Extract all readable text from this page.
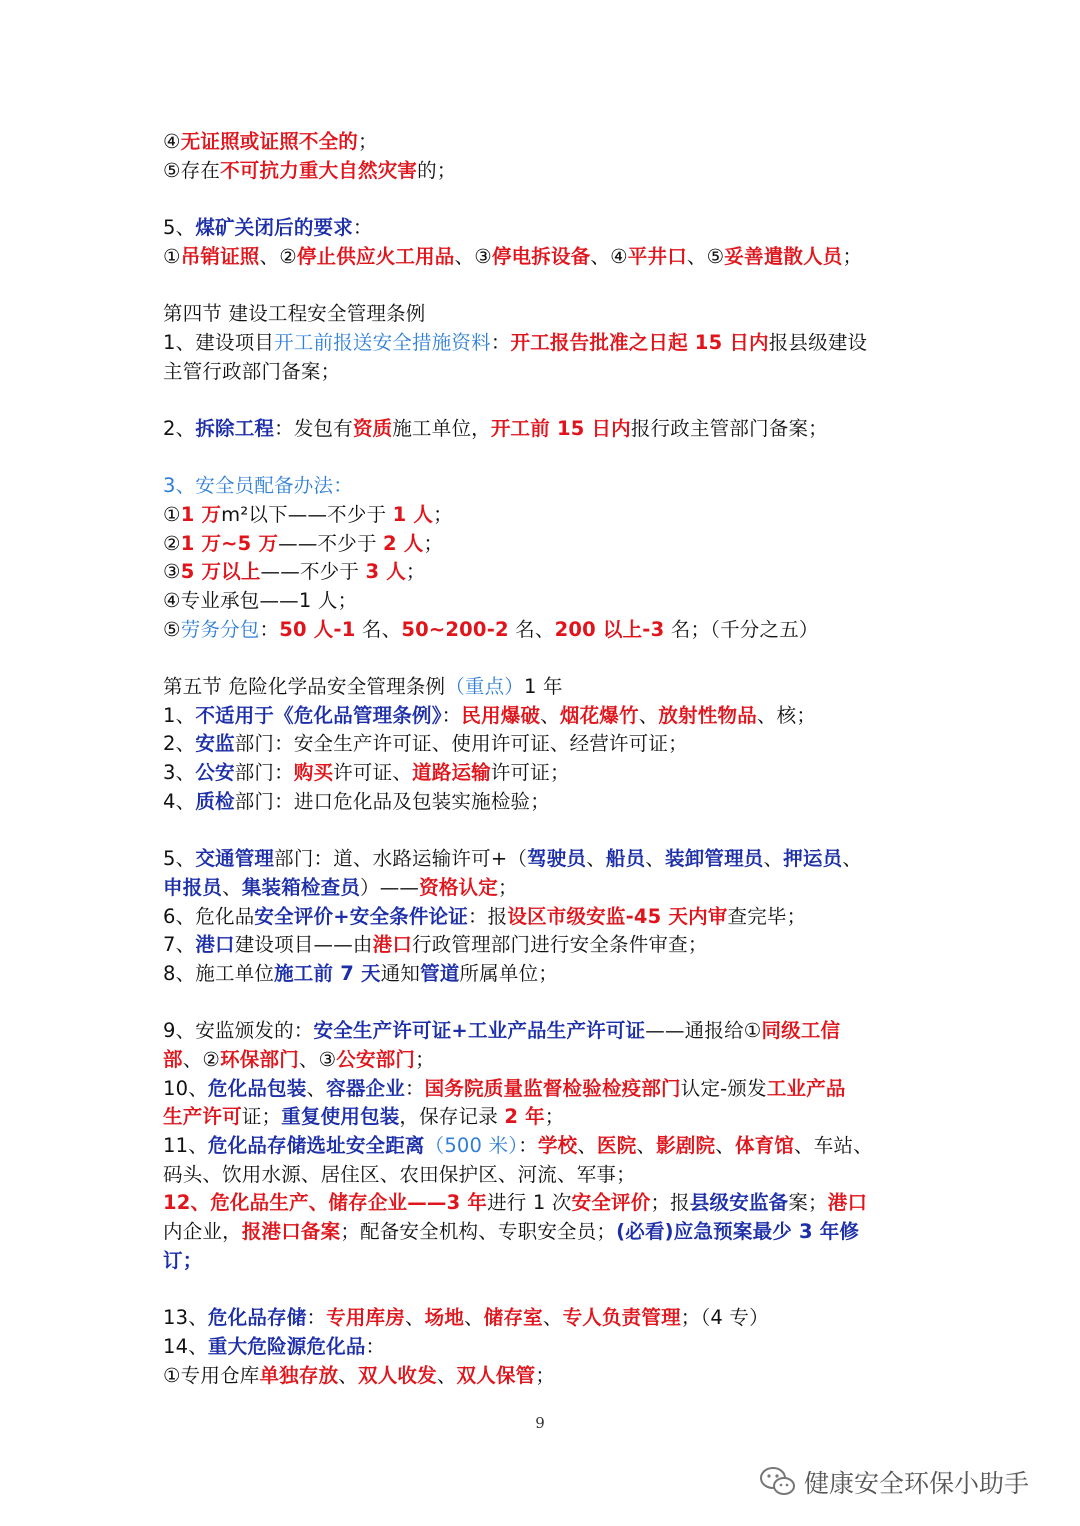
④无证照或证照不全的；
⑤存在不可抗力重大自然灾害的；
5、煤矿关闭后的要求：
①吊销证照、②停止供应火工用品、③停电拆设备、④平井口、⑤妥善遣散人员；
第四节 建设工程安全管理条例
1、建设项目开工前报送安全措施资料：开工报告批准之日起 15 日内报县级建设
主管行政部门备案；
2、拆除工程：发包有资质施工单位，开工前 15 日内报行政主管部门备案；
3、安全员配备办法：
①1 万m²以下——不少于 1 人；
②1 万~5 万——不少于 2 人；
③5 万以上——不少于 3 人；
④专业承包——1 人；
⑤劳务分包：50 人-1 名、50~200-2 名、200 以上-3 名；（千分之五）
第五节 危险化学品安全管理条例（重点）1 年
1、不适用于《危化品管理条例》：民用爆破、烟花爆竹、放射性物品、核；
2、安监部门：安全生产许可证、使用许可证、经营许可证；
3、公安部门：购买许可证、道路运输许可证；
4、质检部门：进口危化品及包装实施检验；
5、交通管理部门：道、水路运输许可+（驾驶员、船员、装卸管理员、押运员、
申报员、集装箱检查员）——资格认定；
6、危化品安全评价+安全条件论证：报设区市级安监-45 天内审查完毕；
7、港口建设项目——由港口行政管理部门进行安全条件审查；
8、施工单位施工前 7 天通知管道所属单位；
9、安监颁发的：安全生产许可证+工业产品生产许可证——通报给①同级工信
部、②环保部门、③公安部门；
10、危化品包装、容器企业：国务院质量监督检验检疫部门认定-颁发工业产品
生产许可证；重复使用包装，保存记录 2 年；
11、危化品存储选址安全距离（500 米）：学校、医院、影剧院、体育馆、车站、
码头、饮用水源、居住区、农田保护区、河流、军事；
12、危化品生产、储存企业——3 年进行 1 次安全评价；报县级安监备案；港口
内企业，报港口备案；配备安全机构、专职安全员；(必看)应急预案最少 3 年修
订；
13、危化品存储：专用库房、场地、储存室、专人负责管理；（4 专）
14、重大危险源危化品：
①专用仓库单独存放、双人收发、双人保管；
9
健康安全环保小助手
